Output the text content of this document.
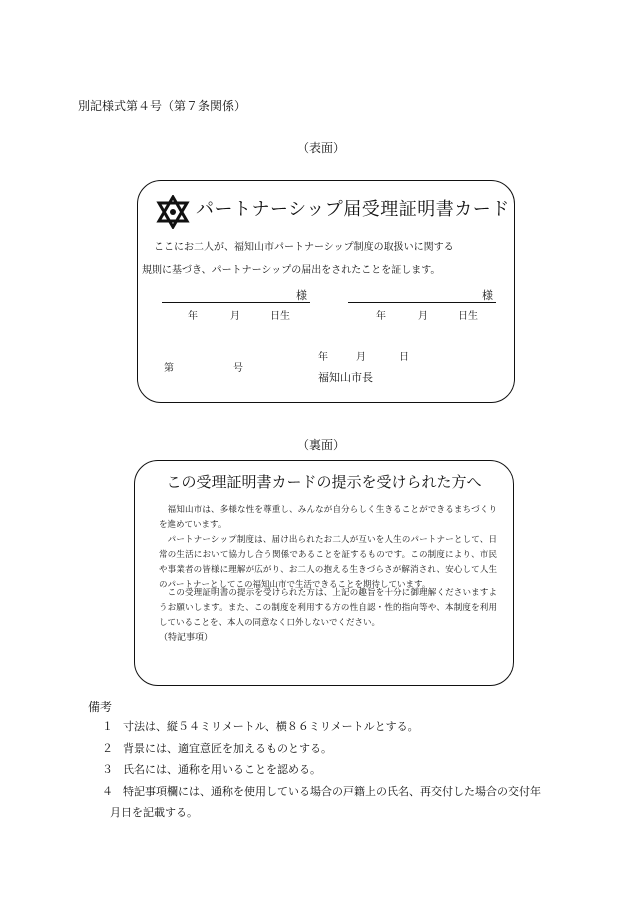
別記様式第４号（第７条関係）
（表面）
パートナーシップ届受理証明書カード
ここにお二人が、福知山市パートナーシップ制度の取扱いに関する
規則に基づき、パートナーシップの届出をされたことを証します。
様
年	月	日生
様
年	月	日生
第	号
年	月	日
福知山市長
（裏面）
この受理証明書カードの提示を受けられた方へ
　福知山市は、多様な性を尊重し、みんなが自分らしく生きることができるまちづくりを進めています。
　パートナーシップ制度は、届け出られたお二人が互いを人生のパートナーとして、日常の生活において協力し合う関係であることを証するものです。この制度により、市民や事業者の皆様に理解が広がり、お二人の抱える生きづらさが解消され、安心して人生のパートナーとしてこの福知山市で生活できることを期待しています。
　この受理証明書の提示を受けられた方は、上記の趣旨を十分に御理解くださいますようお願いします。また、この制度を利用する方の性自認・性的指向等や、本制度を利用していることを、本人の同意なく口外しないでください。
（特記事項）
備考
１ 寸法は、縦５４ミリメートル、横８６ミリメートルとする。
２ 背景には、適宜意匠を加えるものとする。
３ 氏名には、通称を用いることを認める。
４ 特記事項欄には、通称を使用している場合の戸籍上の氏名、再交付した場合の交付年
月日を記載する。
